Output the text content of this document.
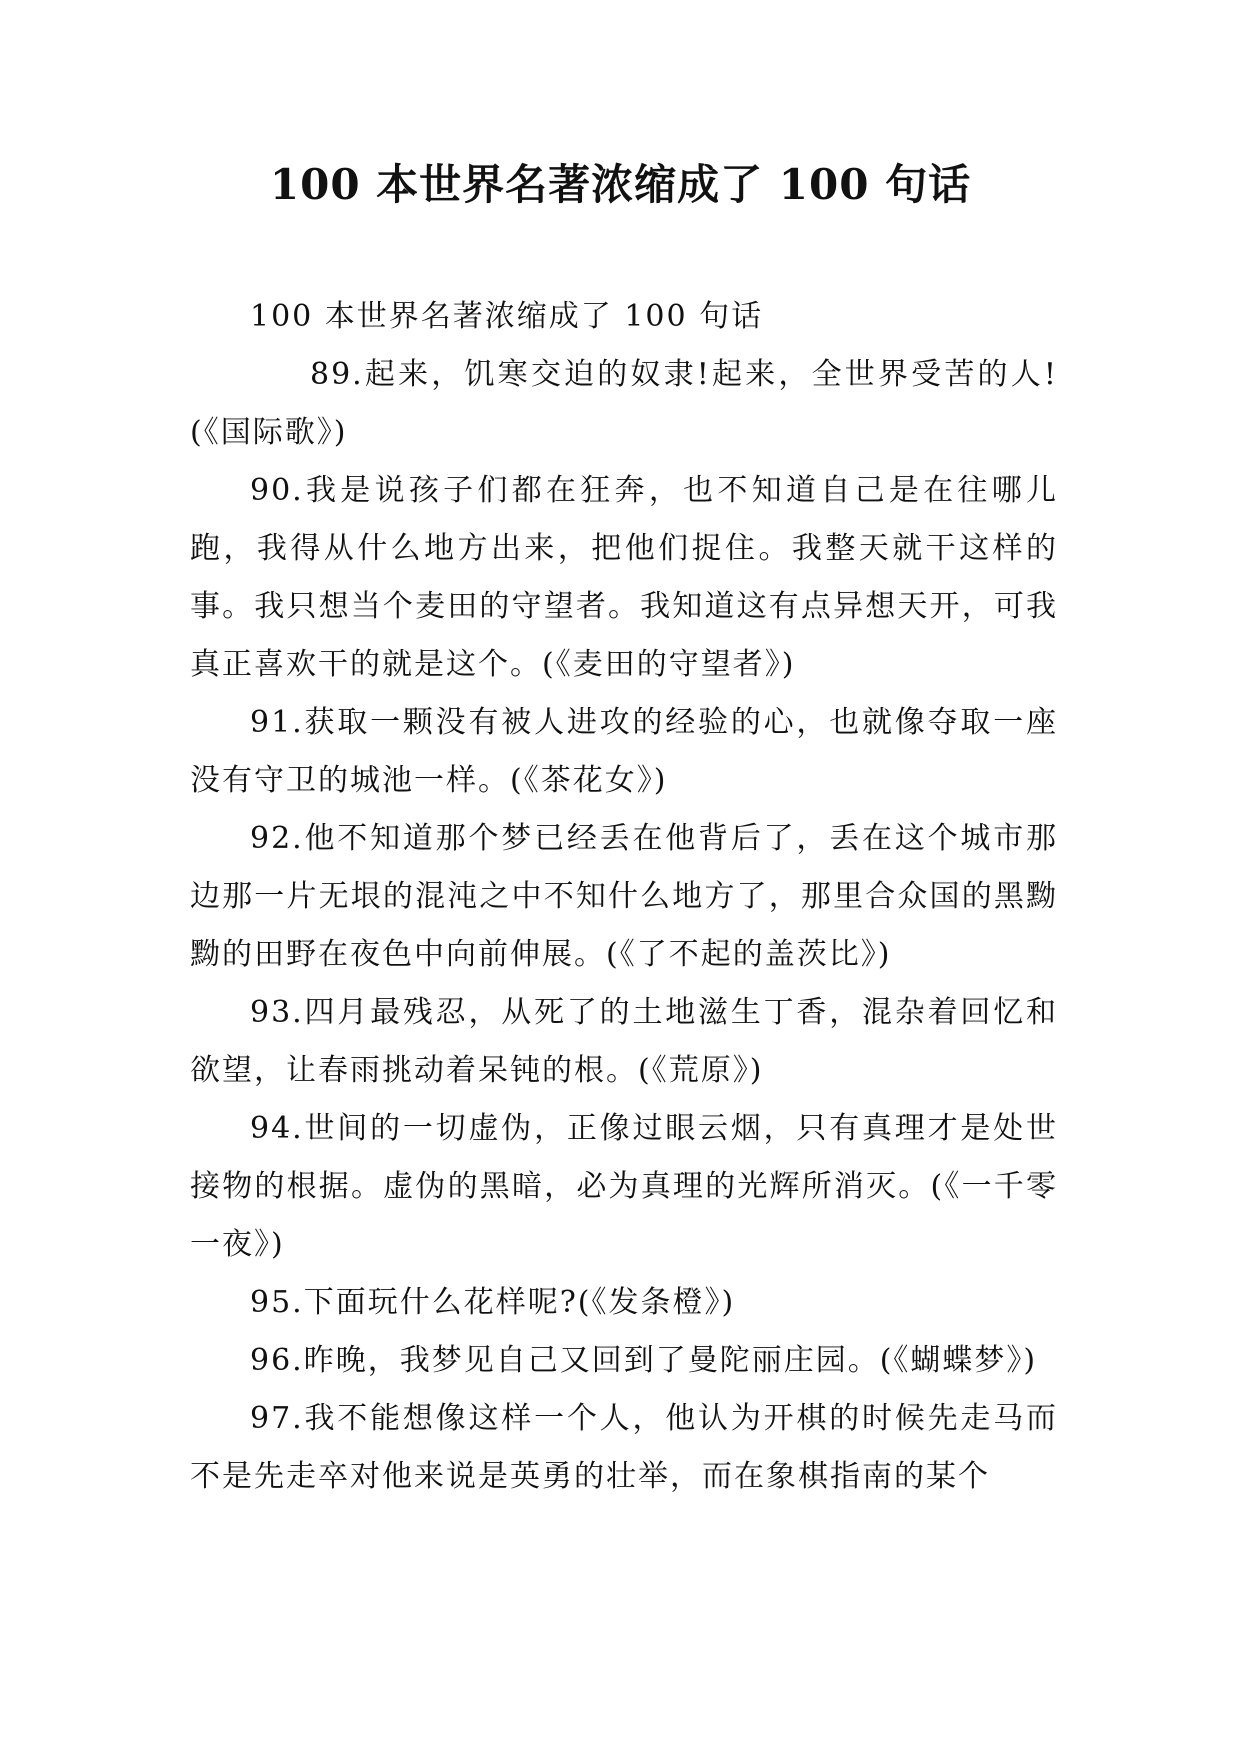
100 本世界名著浓缩成了 100 句话

100 本世界名著浓缩成了 100 句话

89.起来，饥寒交迫的奴隶!起来，全世界受苦的人!(《国际歌》)

90.我是说孩子们都在狂奔，也不知道自己是在往哪儿跑，我得从什么地方出来，把他们捉住。我整天就干这样的事。我只想当个麦田的守望者。我知道这有点异想天开，可我真正喜欢干的就是这个。(《麦田的守望者》)

91.获取一颗没有被人进攻的经验的心，也就像夺取一座没有守卫的城池一样。(《茶花女》)

92.他不知道那个梦已经丢在他背后了，丢在这个城市那边那一片无垠的混沌之中不知什么地方了，那里合众国的黑黝黝的田野在夜色中向前伸展。(《了不起的盖茨比》)

93.四月最残忍，从死了的土地滋生丁香，混杂着回忆和欲望，让春雨挑动着呆钝的根。(《荒原》)

94.世间的一切虚伪，正像过眼云烟，只有真理才是处世接物的根据。虚伪的黑暗，必为真理的光辉所消灭。(《一千零一夜》)

95.下面玩什么花样呢?(《发条橙》)

96.昨晚，我梦见自己又回到了曼陀丽庄园。(《蝴蝶梦》)

97.我不能想像这样一个人，他认为开棋的时候先走马而不是先走卒对他来说是英勇的壮举，而在象棋指南的某个
